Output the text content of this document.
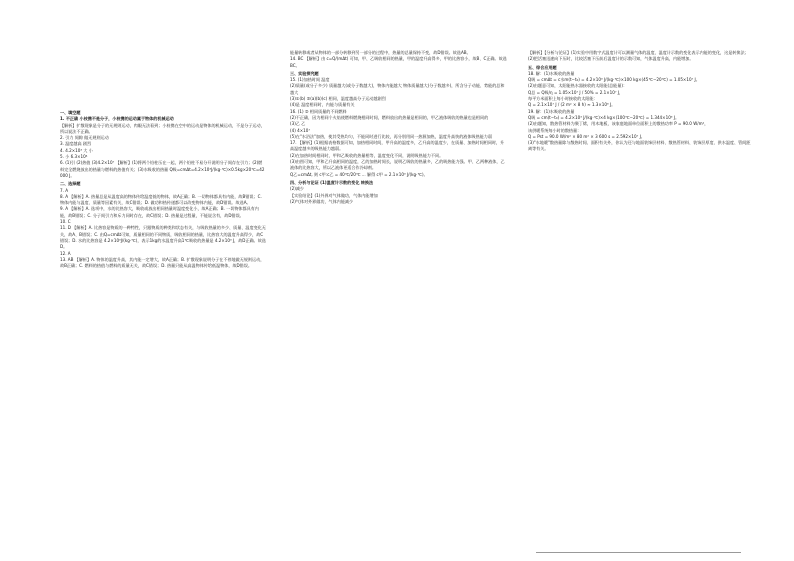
一、填空题
1. 不正确 小枝携不是分子，小枝携的运动属于物体的机械运动
【解析】扩散现象是分子的无规则运动，肉眼无法看到；小枝携在空中的运动是物体的机械运动，不是分子运动，所以说法不正确。
2. 引力 间隙 做无规则运动
3. 温度越高 剧烈
4. 4.2×10³ 大 小
5. 小 6.3×10⁴
6. (1)引 (2)热值 (3)4.2×10⁷ 【解析】(1)将两个铅柱压在一起，两个铅柱不易分开说明分子间存在引力；(2)燃料完全燃烧放出的热量与燃料的热值有关；(3)水吸收的热量 Q吸=cmΔt=4.2×10³J/(kg·℃)×0.5kg×20℃=42 000 J。
二、选择题
7. A
8. A 【解析】A. 热量总是从温度高的物体传给温度低的物体，故A正确；B. 一切物体都具有内能，故B错误；C. 物体内能与温度、质量等因素有关，故C错误；D. 做功和热传递都可以改变物体内能，故D错误。故选A。
9. A 【解析】A. 选项中，水的比热容大，吸收或放出相同热量时温度变化小，故A正确；B. 一切物体都具有内能，故B错误；C. 分子间引力和斥力同时存在，故C错误；D. 热量是过程量，不能说含有，故D错误。
10. C
11. D 【解析】A. 比热容是物质的一种特性，只跟物质的种类和状态有关，与吸收热量的多少、质量、温度变化无关，故A、B错误；C. 由Q=cmΔt可知，质量相同的不同物质，吸收相同的热量，比热容大的温度升高得少，故C错误；D. 水的比热容是 4.2×10³J/(kg·℃)，表示1kg的水温度升高1℃吸收的热量是 4.2×10³ J，故D正确。故选D。
12. A
13. AB 【解析】A. 物体的温度升高，其内能一定增大，故A正确；B. 扩散现象说明分子在不停地做无规则运动，故B正确；C. 燃料的热值与燃料的质量无关，故C错误；D. 热量只能从高温物体传给低温物体，故D错误。
能量转移或者从物体的一部分转移到另一部分的过程中，热量的总量保持不变，故D错误。故选AB。
14. BC 【解析】由 c=Q/(mΔt) 可知，甲、乙吸收相同的热量，甲的温度升高得多，甲的比热容小，故B、C正确。故选BC。
三、实验探究题
15. (1)加热时间 温度
(2)质量(或分子多少) 质量越大(或分子数越大)，物体内能越大 物体质量越大(分子数越多)，所含分子动能、势能的总和越大
(3)①(b) ②(a)(b)(c) 相同，温度越高分子运动越剧烈
(4)是 温度相同时，内能与质量有关
16. (1) ② 相同质量的不同燃料
(2)不正确，因为相同个火焰使燃料燃烧相同时间，燃料放出的热量是相同的，甲乙液体吸收的热量也是相同的
(3)乙 乙
(4) 4×10⁷
(5)在"水浴法"加热，使其受热均匀，不能同时进行比较，再分别用同一热源加热，温度升高快的液体吸热能力弱
17. 【解析】(1)根据表格数据可知，加热相同时间，甲升高的温度多，乙升高的温度少，在质量、加热时间相同时，升高温度越多的吸热能力越弱。
(2)在加热时间相同时，甲和乙吸收的热量相等，温度变化不同，说明吸热能力不同。
(3)由图可知，甲和乙升高相同的温度，乙的加热时间长，说明乙吸收的热量多，乙的吸热能力强。甲、乙两种液体，乙液体的比热容大，所以乙液体更适合作冷却剂。
Q乙=cmΔt, 则 c甲:c乙 = 40℃/20℃ ... 解得 c甲 = 2.1×10³ J/(kg·℃)。
四、分析与论证 (1)温度计示数的变化 转换法
(2)减少
【实验结论】(1)外界对气体做功，气体内能增加
(2)气体对外界做功，气体内能减少
【解析】【分析与论证】(1)实验中用数字式温度计可以测量气体的温度，温度计示数的变化表示内能的变化，这是转换法；(2)把活塞迅速向下压时，比较活塞下压前后温度计的示数可知，气体温度升高，内能增加。
五、综合应用题
18. 解：(1)水吸收的热量
Q吸 = cmΔt = c水m(t−t₀) = 4.2×10³ J/(kg·℃)×100 kg×(45℃−20℃) = 1.05×10⁷ J。
(2)由题意可知，太阳能热水器接收的太阳能(总能量)：
Q总 = Q吸/η = 1.05×10⁷ J / 50% = 2.1×10⁷ J，
每平方米面积上每小时接收的太阳能：
Q = 2.1×10⁷ J / (2 m² × 8 h) ≈ 1.3×10⁶ J。
19. 解：(1)水吸收的热量
Q吸 = cm(t−t₀) = 4.2×10³ J/(kg·℃)×4 kg×(100℃−20℃) = 1.344×10⁶ J。
(2)由题知，散热管材料为聚丁烯，用木地板，该家庭地面单位面积上的散热功率 P = 90.0 W/m²，
该供暖系统每小时的散热量：
Q = Pst = 90.0 W/m² × 80 m² × 3 600 s = 2.592×10⁷ J。
(3)"水地暖"散热量除与散热时间、面积有关外，你认为还与地面装饰层材料、散热管材料、装饰层厚度、供水温度、管间距离等有关。
